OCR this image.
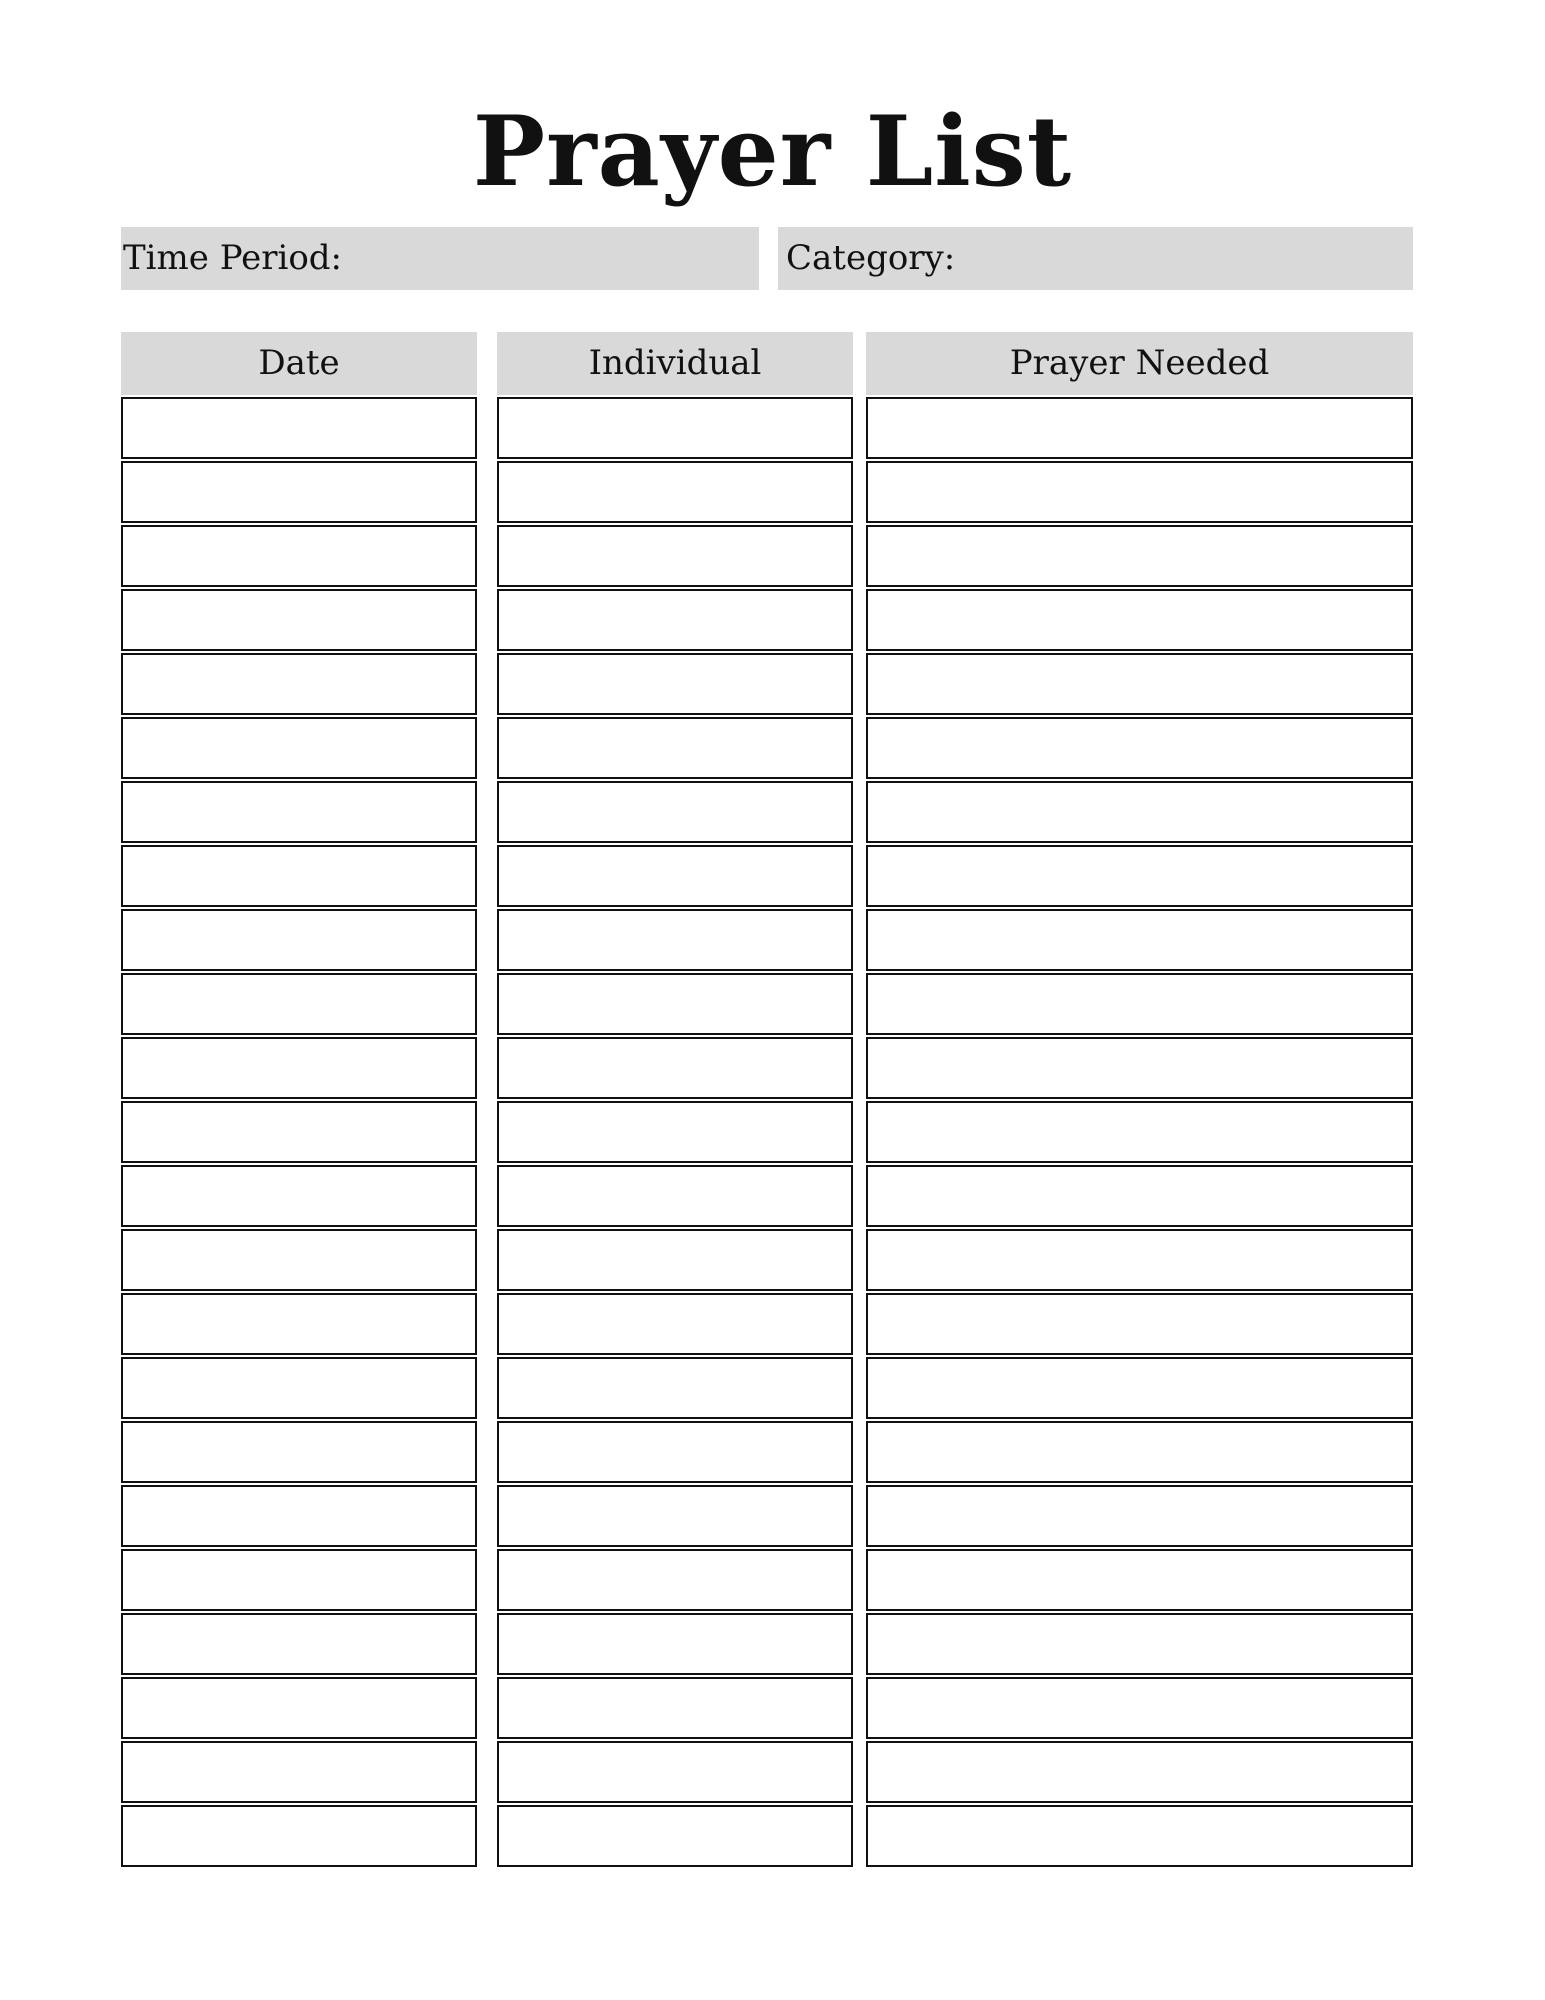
Prayer List
Time Period:	Category:
Date	Individual	Prayer Needed
